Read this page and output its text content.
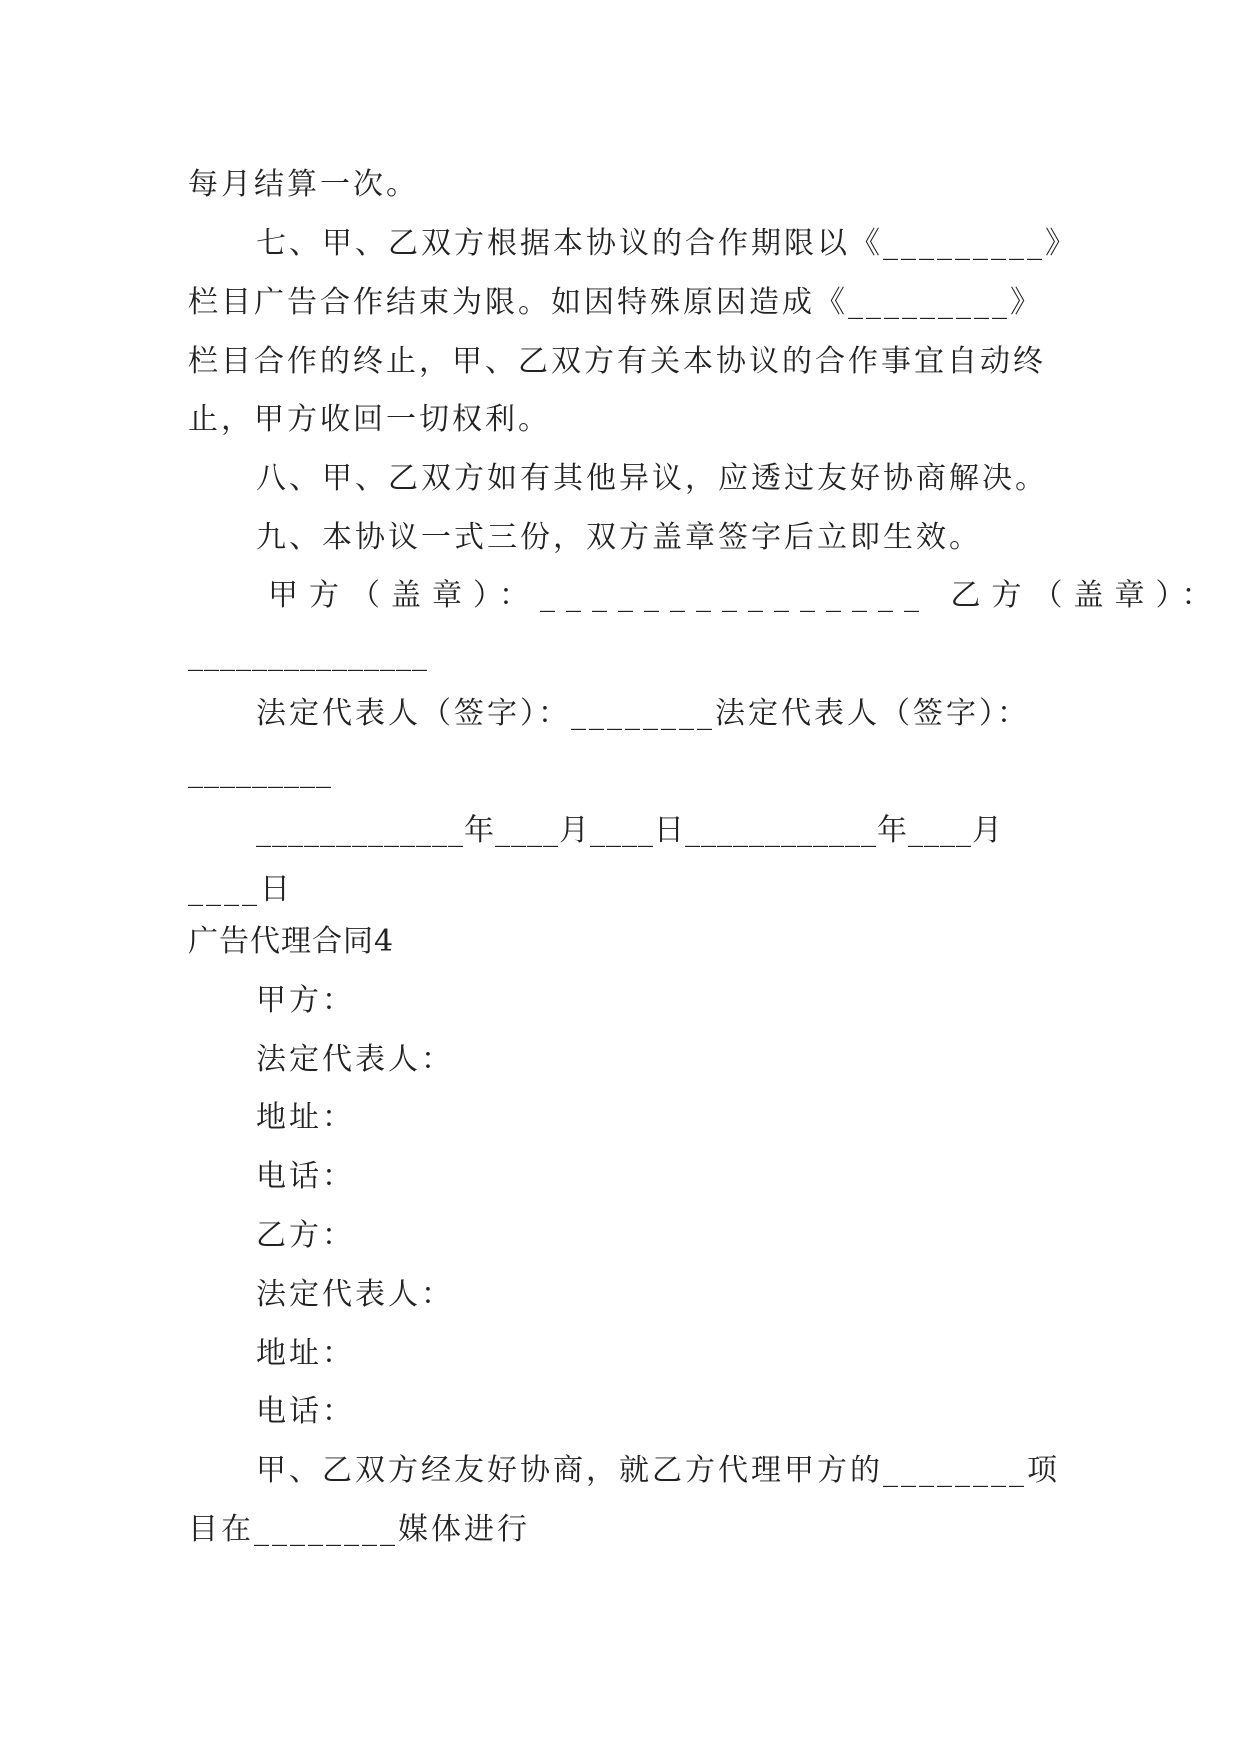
每月结算一次。
七、甲、乙双方根据本协议的合作期限以《_________》
栏目广告合作结束为限。如因特殊原因造成《_________》
栏目合作的终止，甲、乙双方有关本协议的合作事宜自动终
止，甲方收回一切权利。
八、甲、乙双方如有其他异议，应透过友好协商解决。
九、本协议一式三份，双方盖章签字后立即生效。
甲方（盖章）：_______________ 乙方（盖章）：
_______________
法定代表人（签字）：________法定代表人（签字）：
_________
_____________年____月____日____________年____月
____日
广告代理合同4
甲方：
法定代表人：
地址：
电话：
乙方：
法定代表人：
地址：
电话：
甲、乙双方经友好协商，就乙方代理甲方的________项
目在________媒体进行
